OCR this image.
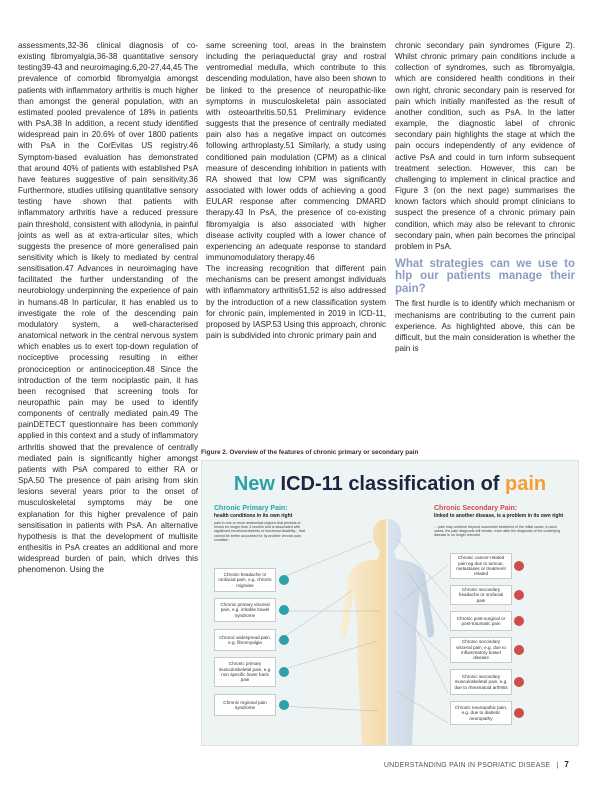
assessments,32-36 clinical diagnosis of co-existing fibromyalgia,36-38 quantitative sensory testing39-43 and neuroimaging.6,20-27,44,45 The prevalence of comorbid fibromyalgia amongst patients with inflammatory arthritis is much higher than amongst the general population, with an estimated pooled prevalence of 18% in patients with PsA.38 In addition, a recent study identified widespread pain in 20.6% of over 1800 patients with PsA in the CorEvitas US registry.46 Symptom-based evaluation has demonstrated that around 40% of patients with established PsA have features suggestive of pain sensitivity.36 Furthermore, studies utilising quantitative sensory testing have shown that patients with inflammatory arthritis have a reduced pressure pain threshold, consistent with allodynia, in painful joints as well as at extra-articular sites, which suggests the presence of more generalised pain sensitivity which is likely to mediated by central sensitisation.47 Advances in neuroimaging have facilitated the further understanding of the neurobiology underpinning the experience of pain in humans.48 In particular, it has enabled us to investigate the role of the descending pain modulatory system, a well-characterised anatomical network in the central nervous system which enables us to exert top-down regulation of nociceptive processing resulting in either pronociception or antinociception.48 Since the introduction of the term nociplastic pain, it has been recognised that screening tools for neuropathic pain may be used to identify components of centrally mediated pain.49 The painDETECT questionnaire has been commonly applied in this context and a study of inflammatory arthritis showed that the prevalence of centrally mediated pain is significantly higher amongst patients with PsA compared to either RA or SpA.50 The presence of pain arising from skin lesions several years prior to the onset of musculoskeletal symptoms may be one explanation for this higher prevalence of pain sensitisation in patients with PsA. An alternative hypothesis is that the development of multisite enthesitis in PsA creates an additional and more widespread burden of pain, which drives this phenomenon. Using the

same screening tool, areas in the brainstem including the periaqueductal gray and rostral ventromedial medulla, which contribute to this descending modulation, have also been shown to be linked to the presence of neuropathic-like symptoms in musculoskeletal pain associated with osteoarthritis.50,51 Preliminary evidence suggests that the presence of centrally mediated pain also has a negative impact on outcomes following arthroplasty.51 Similarly, a study using conditioned pain modulation (CPM) as a clinical measure of descending inhibition in patients with RA showed that low CPM was significantly associated with lower odds of achieving a good EULAR response after commencing DMARD therapy.43 In PsA, the presence of co-existing fibromyalgia is also associated with higher disease activity coupled with a lower chance of experiencing an adequate response to standard immunomodulatory therapy.46

The increasing recognition that different pain mechanisms can be present amongst individuals with inflammatory arthritis51,52 is also addressed by the introduction of a new classification system for chronic pain, implemented in 2019 in ICD-11, proposed by IASP.53 Using this approach, chronic pain is subdivided into chronic primary pain and

chronic secondary pain syndromes (Figure 2). Whilst chronic primary pain conditions include a collection of syndromes, such as fibromyalgia, which are considered health conditions in their own right, chronic secondary pain is reserved for pain which initially manifested as the result of another condition, such as PsA. In the latter example, the diagnostic label of chronic secondary pain highlights the stage at which the pain occurs independently of any evidence of active PsA and could in turn inform subsequent treatment selection. However, this can be challenging to implement in clinical practice and Figure 3 (on the next page) summarises the known factors which should prompt clinicians to suspect the presence of a chronic primary pain condition, which may also be relevant to chronic secondary pain, when pain becomes the principal problem in PsA.

What strategies can we use to hlp our patients manage their pain?

The first hurdle is to identify which mechanism or mechanisms are contributing to the current pain experience. As highlighted above, this can be difficult, but the main consideration is whether the pain is

Figure 2. Overview of the features of chronic primary or secondary pain
New ICD-11 classification of pain
Chronic Primary Pain:
health conditions in its own right
pain in one or more anatomical regions that persists or recurs for longer than 3 months and is associated with significant emotional distress or functional disability... that cannot be better accounted for by another chronic pain condition
Chronic Secondary Pain:
linked to another disease, is a problem in its own right
... pain may continue beyond successful treatment of the initial cause; in such cases, the pain diagnosis will remain, even after the diagnosis of the underlying disease is no longer relevant
Chronic headache or orofacial pain, e.g. chronic migraine
Chronic primary visceral pain, e.g. irritable bowel syndrome
Chronic widespread pain, e.g. fibromyalgia
Chronic primary musculoskeletal pain, e.g. non specific lower back pain
Chronic regional pain syndrome
Chronic cancer-related pain eg due to tumour, metastases or treatment related
Chronic secondary headache or orofacial pain
Chronic post-surgical or post-traumatic pain
Chronic secondary visceral pain, e.g. due to inflammatory bowel disease
Chronic secondary musculoskeletal pain, e.g. due to rheumatoid arthritis
Chronic neuropathic pain, e.g. due to diabetic neuropathy
UNDERSTANDING PAIN IN PSORIATIC DISEASE | 7
